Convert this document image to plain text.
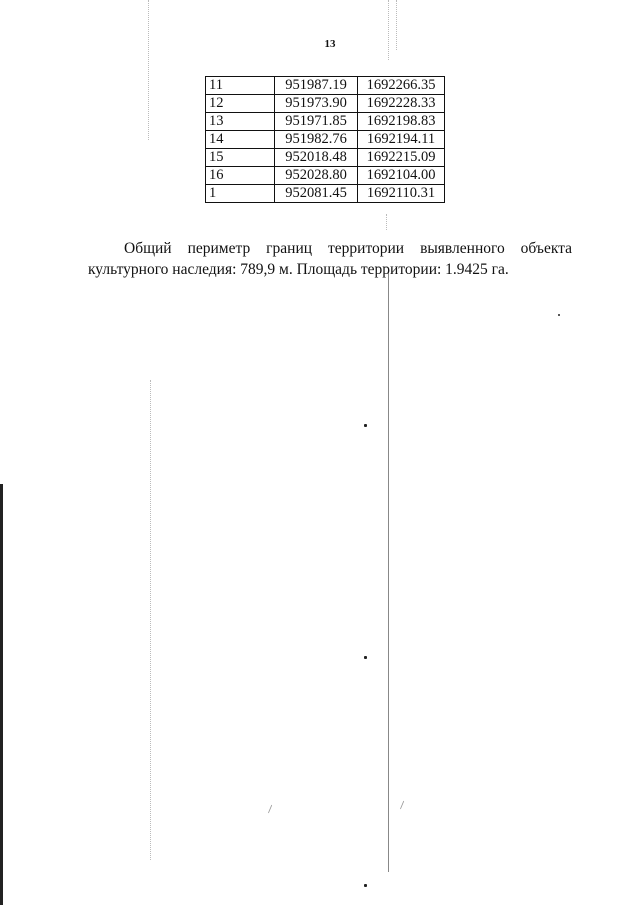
\
\
13
11	951987.19	1692266.35
12	951973.90	1692228.33
13	951971.85	1692198.83
14	951982.76	1692194.11
15	952018.48	1692215.09
16	952028.80	1692104.00
1	952081.45	1692110.31
Общий периметр границ территории выявленного объекта
культурного наследия: 789,9 м. Площадь территории: 1.9425 га.
